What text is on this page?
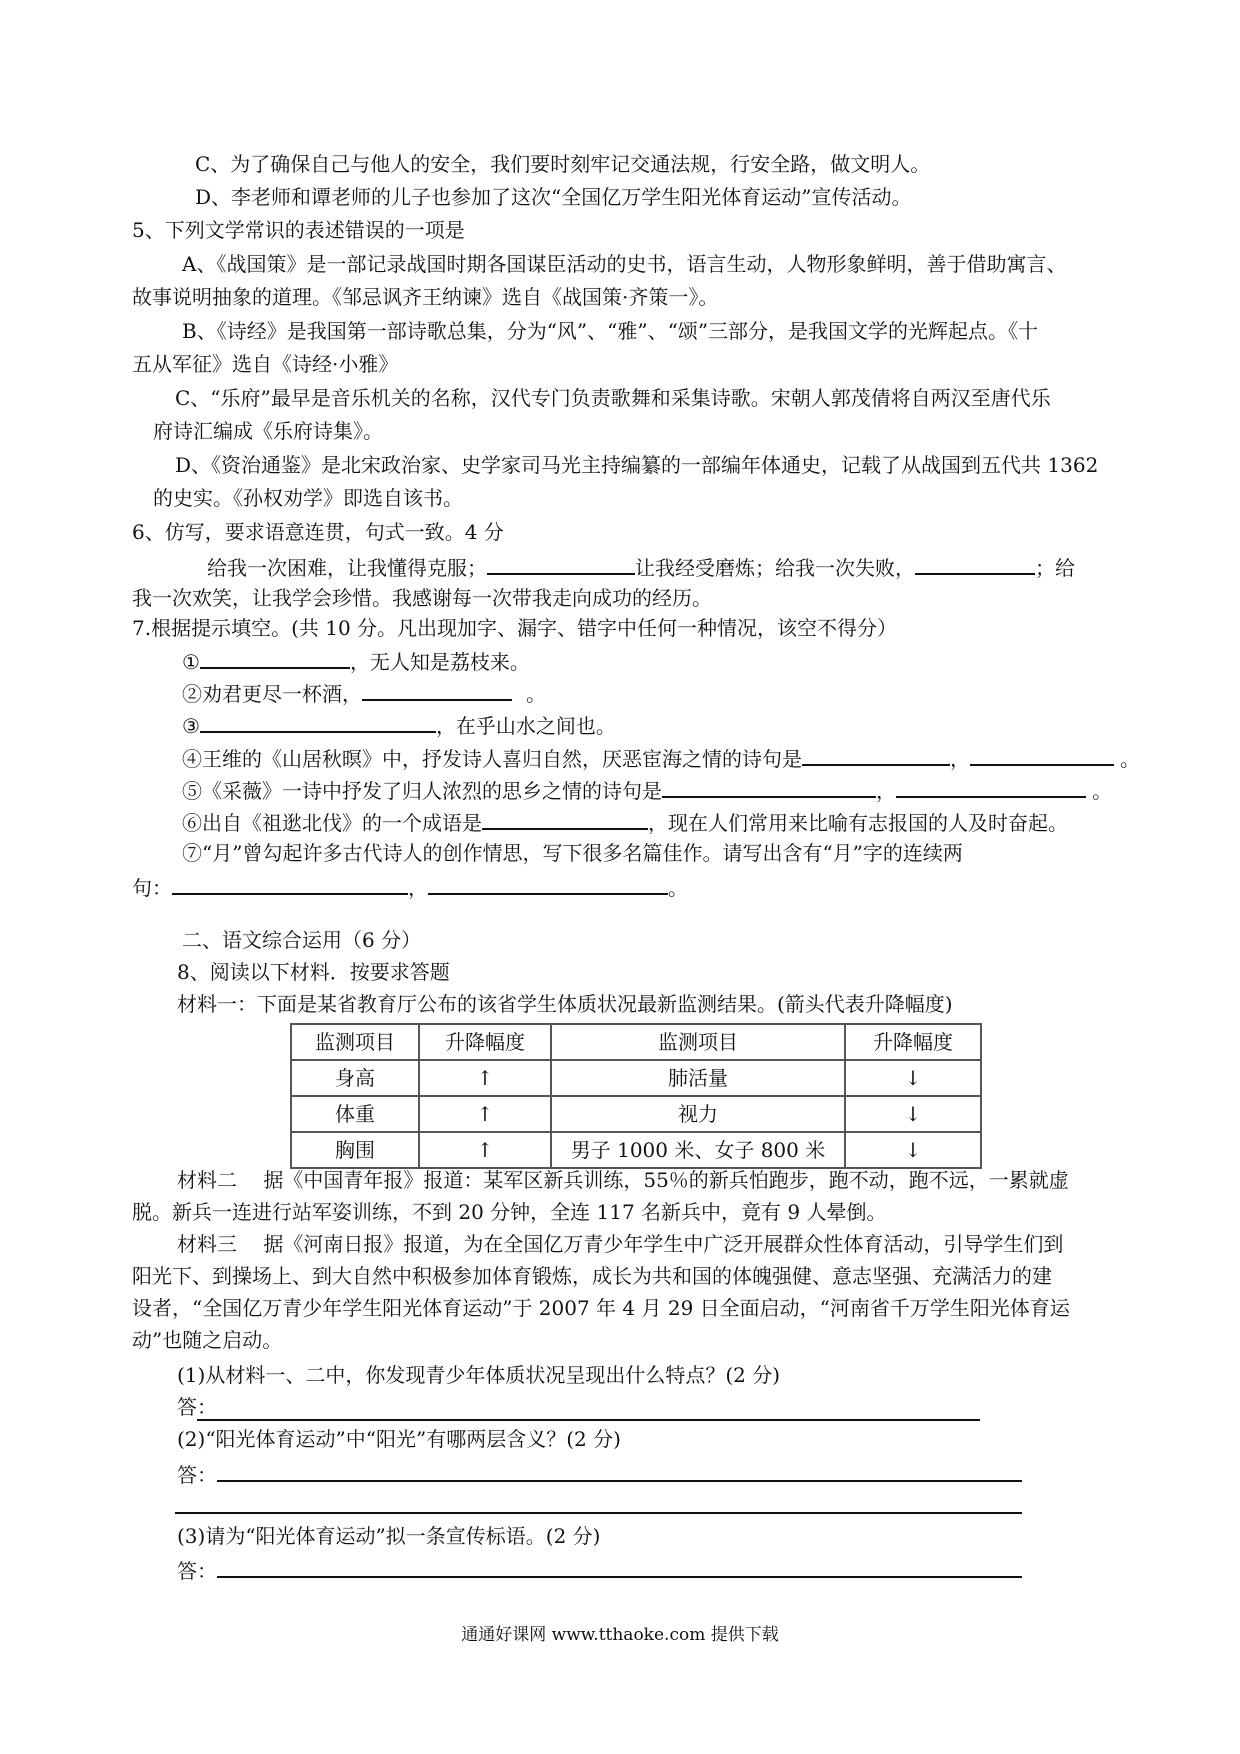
C、为了确保自己与他人的安全，我们要时刻牢记交通法规，行安全路，做文明人。
D、李老师和谭老师的儿子也参加了这次“全国亿万学生阳光体育运动”宣传活动。
5、下列文学常识的表述错误的一项是
A、《战国策》是一部记录战国时期各国谋臣活动的史书，语言生动，人物形象鲜明，善于借助寓言、
故事说明抽象的道理。《邹忌讽齐王纳谏》选自《战国策·齐策一》。
B、《诗经》是我国第一部诗歌总集，分为“风”、“雅”、“颂”三部分，是我国文学的光辉起点。《十
五从军征》选自《诗经·小雅》
C、“乐府”最早是音乐机关的名称，汉代专门负责歌舞和采集诗歌。宋朝人郭茂倩将自两汉至唐代乐
府诗汇编成《乐府诗集》。
D、《资治通鉴》是北宋政治家、史学家司马光主持编纂的一部编年体通史，记载了从战国到五代共 1362
的史实。《孙权劝学》即选自该书。
6、仿写，要求语意连贯，句式一致。4 分
给我一次困难，让我懂得克服；	让我经受磨炼；给我一次失败，	；给
我一次欢笑，让我学会珍惜。我感谢每一次带我走向成功的经历。
7.根据提示填空。(共 10 分。凡出现加字、漏字、错字中任何一种情况，该空不得分）
①	，无人知是荔枝来。
②劝君更尽一杯酒，	。
③	，在乎山水之间也。
④王维的《山居秋暝》中，抒发诗人喜归自然，厌恶宦海之情的诗句是	，	。
⑤《采薇》一诗中抒发了归人浓烈的思乡之情的诗句是	，	。
⑥出自《祖逖北伐》的一个成语是	，现在人们常用来比喻有志报国的人及时奋起。
⑦“月”曾勾起许多古代诗人的创作情思，写下很多名篇佳作。请写出含有“月”字的连续两
句：	，	。
二、语文综合运用（6 分）
8、阅读以下材料．按要求答题
材料一：下面是某省教育厅公布的该省学生体质状况最新监测结果。(箭头代表升降幅度)
监测项目	升降幅度	监测项目	升降幅度
身高	↑	肺活量	↓
体重	↑	视力	↓
胸围	↑	男子 1000 米、女子 800 米	↓
材料二　 据《中国青年报》报道：某军区新兵训练，55％的新兵怕跑步，跑不动，跑不远，一累就虚
脱。新兵一连进行站军姿训练，不到 20 分钟，全连 117 名新兵中，竟有 9 人晕倒。
材料三　 据《河南日报》报道，为在全国亿万青少年学生中广泛开展群众性体育活动，引导学生们到
阳光下、到操场上、到大自然中积极参加体育锻炼，成长为共和国的体魄强健、意志坚强、充满活力的建
设者，“全国亿万青少年学生阳光体育运动”于 2007 年 4 月 29 日全面启动，“河南省千万学生阳光体育运
动”也随之启动。
(1)从材料一、二中，你发现青少年体质状况呈现出什么特点？(2 分)
答：
(2)“阳光体育运动”中“阳光”有哪两层含义？(2 分)
答：
(3)请为“阳光体育运动”拟一条宣传标语。(2 分)
答：
通通好课网 www.tthaoke.com 提供下载
